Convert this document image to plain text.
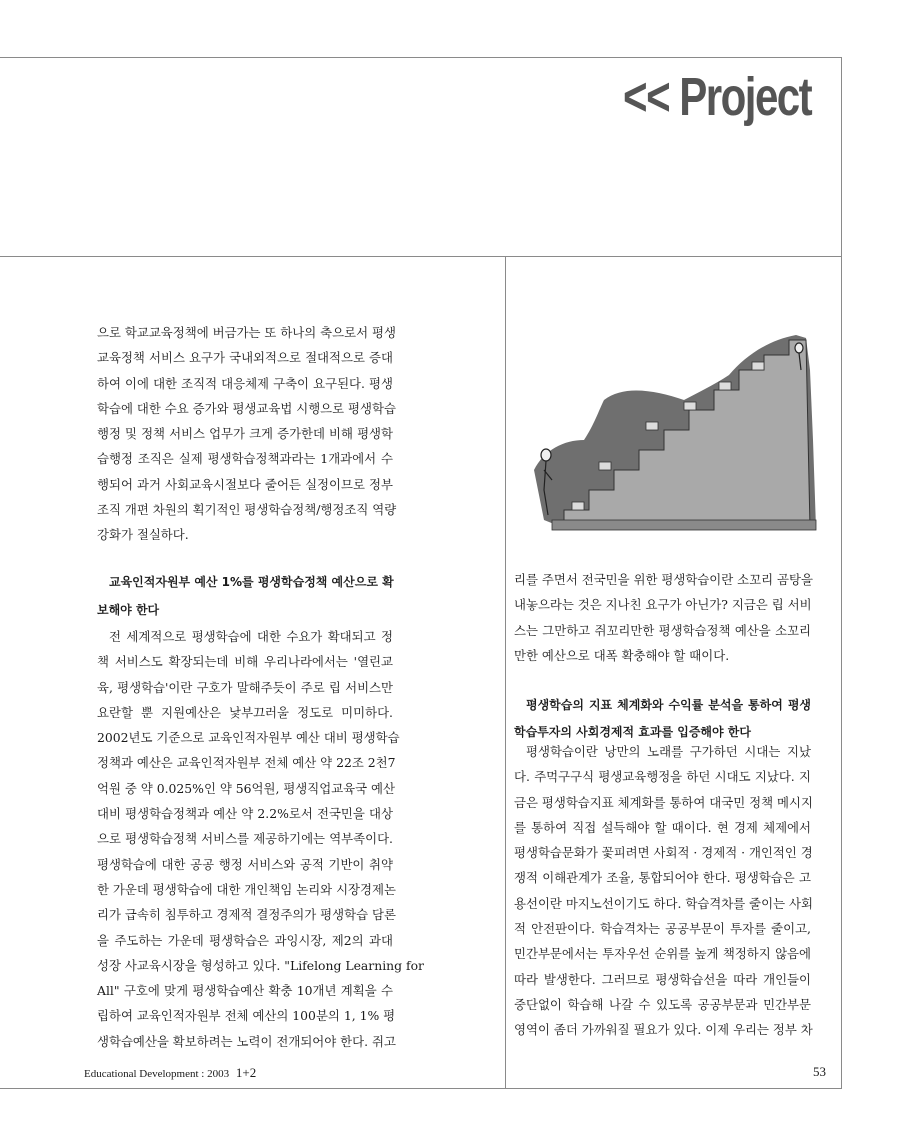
<< Project

으로 학교교육정책에 버금가는 또 하나의 축으로서 평생
교육정책 서비스 요구가 국내외적으로 절대적으로 증대
하여 이에 대한 조직적 대응체제 구축이 요구된다. 평생
학습에 대한 수요 증가와 평생교육법 시행으로 평생학습
행정 및 정책 서비스 업무가 크게 증가한데 비해 평생학
습행정 조직은 실제 평생학습정책과라는 1개과에서 수
행되어 과거 사회교육시절보다 줄어든 실정이므로 정부
조직 개편 차원의 획기적인 평생학습정책/행정조직 역량
강화가 절실하다.

교육인적자원부 예산 1%를 평생학습정책 예산으로 확
보해야 한다

전 세계적으로 평생학습에 대한 수요가 확대되고 정
책 서비스도 확장되는데 비해 우리나라에서는 '열린교
육, 평생학습'이란 구호가 말해주듯이 주로 립 서비스만
요란할 뿐 지원예산은 낯부끄러울 정도로 미미하다.
2002년도 기준으로 교육인적자원부 예산 대비 평생학습
정책과 예산은 교육인적자원부 전체 예산 약 22조 2천7
억원 중 약 0.025%인 약 56억원, 평생직업교육국 예산
대비 평생학습정책과 예산 약 2.2%로서 전국민을 대상
으로 평생학습정책 서비스를 제공하기에는 역부족이다.
평생학습에 대한 공공 행정 서비스와 공적 기반이 취약
한 가운데 평생학습에 대한 개인책임 논리와 시장경제논
리가 급속히 침투하고 경제적 결정주의가 평생학습 담론
을 주도하는 가운데 평생학습은 과잉시장, 제2의 과대
성장 사교육시장을 형성하고 있다. "Lifelong Learning for
All" 구호에 맞게 평생학습예산 확충 10개년 계획을 수
립하여 교육인적자원부 전체 예산의 100분의 1, 1% 평
생학습예산을 확보하려는 노력이 전개되어야 한다. 쥐고

리를 주면서 전국민을 위한 평생학습이란 소꼬리 곰탕을
내놓으라는 것은 지나친 요구가 아닌가? 지금은 립 서비
스는 그만하고 쥐꼬리만한 평생학습정책 예산을 소꼬리
만한 예산으로 대폭 확충해야 할 때이다.

평생학습의 지표 체계화와 수익률 분석을 통하여 평생
학습투자의 사회경제적 효과를 입증해야 한다

평생학습이란 낭만의 노래를 구가하던 시대는 지났
다. 주먹구구식 평생교육행정을 하던 시대도 지났다. 지
금은 평생학습지표 체계화를 통하여 대국민 정책 메시지
를 통하여 직접 설득해야 할 때이다. 현 경제 체제에서
평생학습문화가 꽃피려면 사회적 · 경제적 · 개인적인 경
쟁적 이해관계가 조율, 통합되어야 한다. 평생학습은 고
용선이란 마지노선이기도 하다. 학습격차를 줄이는 사회
적 안전판이다. 학습격차는 공공부문이 투자를 줄이고,
민간부문에서는 투자우선 순위를 높게 책정하지 않음에
따라 발생한다. 그러므로 평생학습선을 따라 개인들이
중단없이 학습해 나갈 수 있도록 공공부문과 민간부문
영역이 좀더 가까워질 필요가 있다. 이제 우리는 정부 차

Educational Development : 2003 1+2	53
